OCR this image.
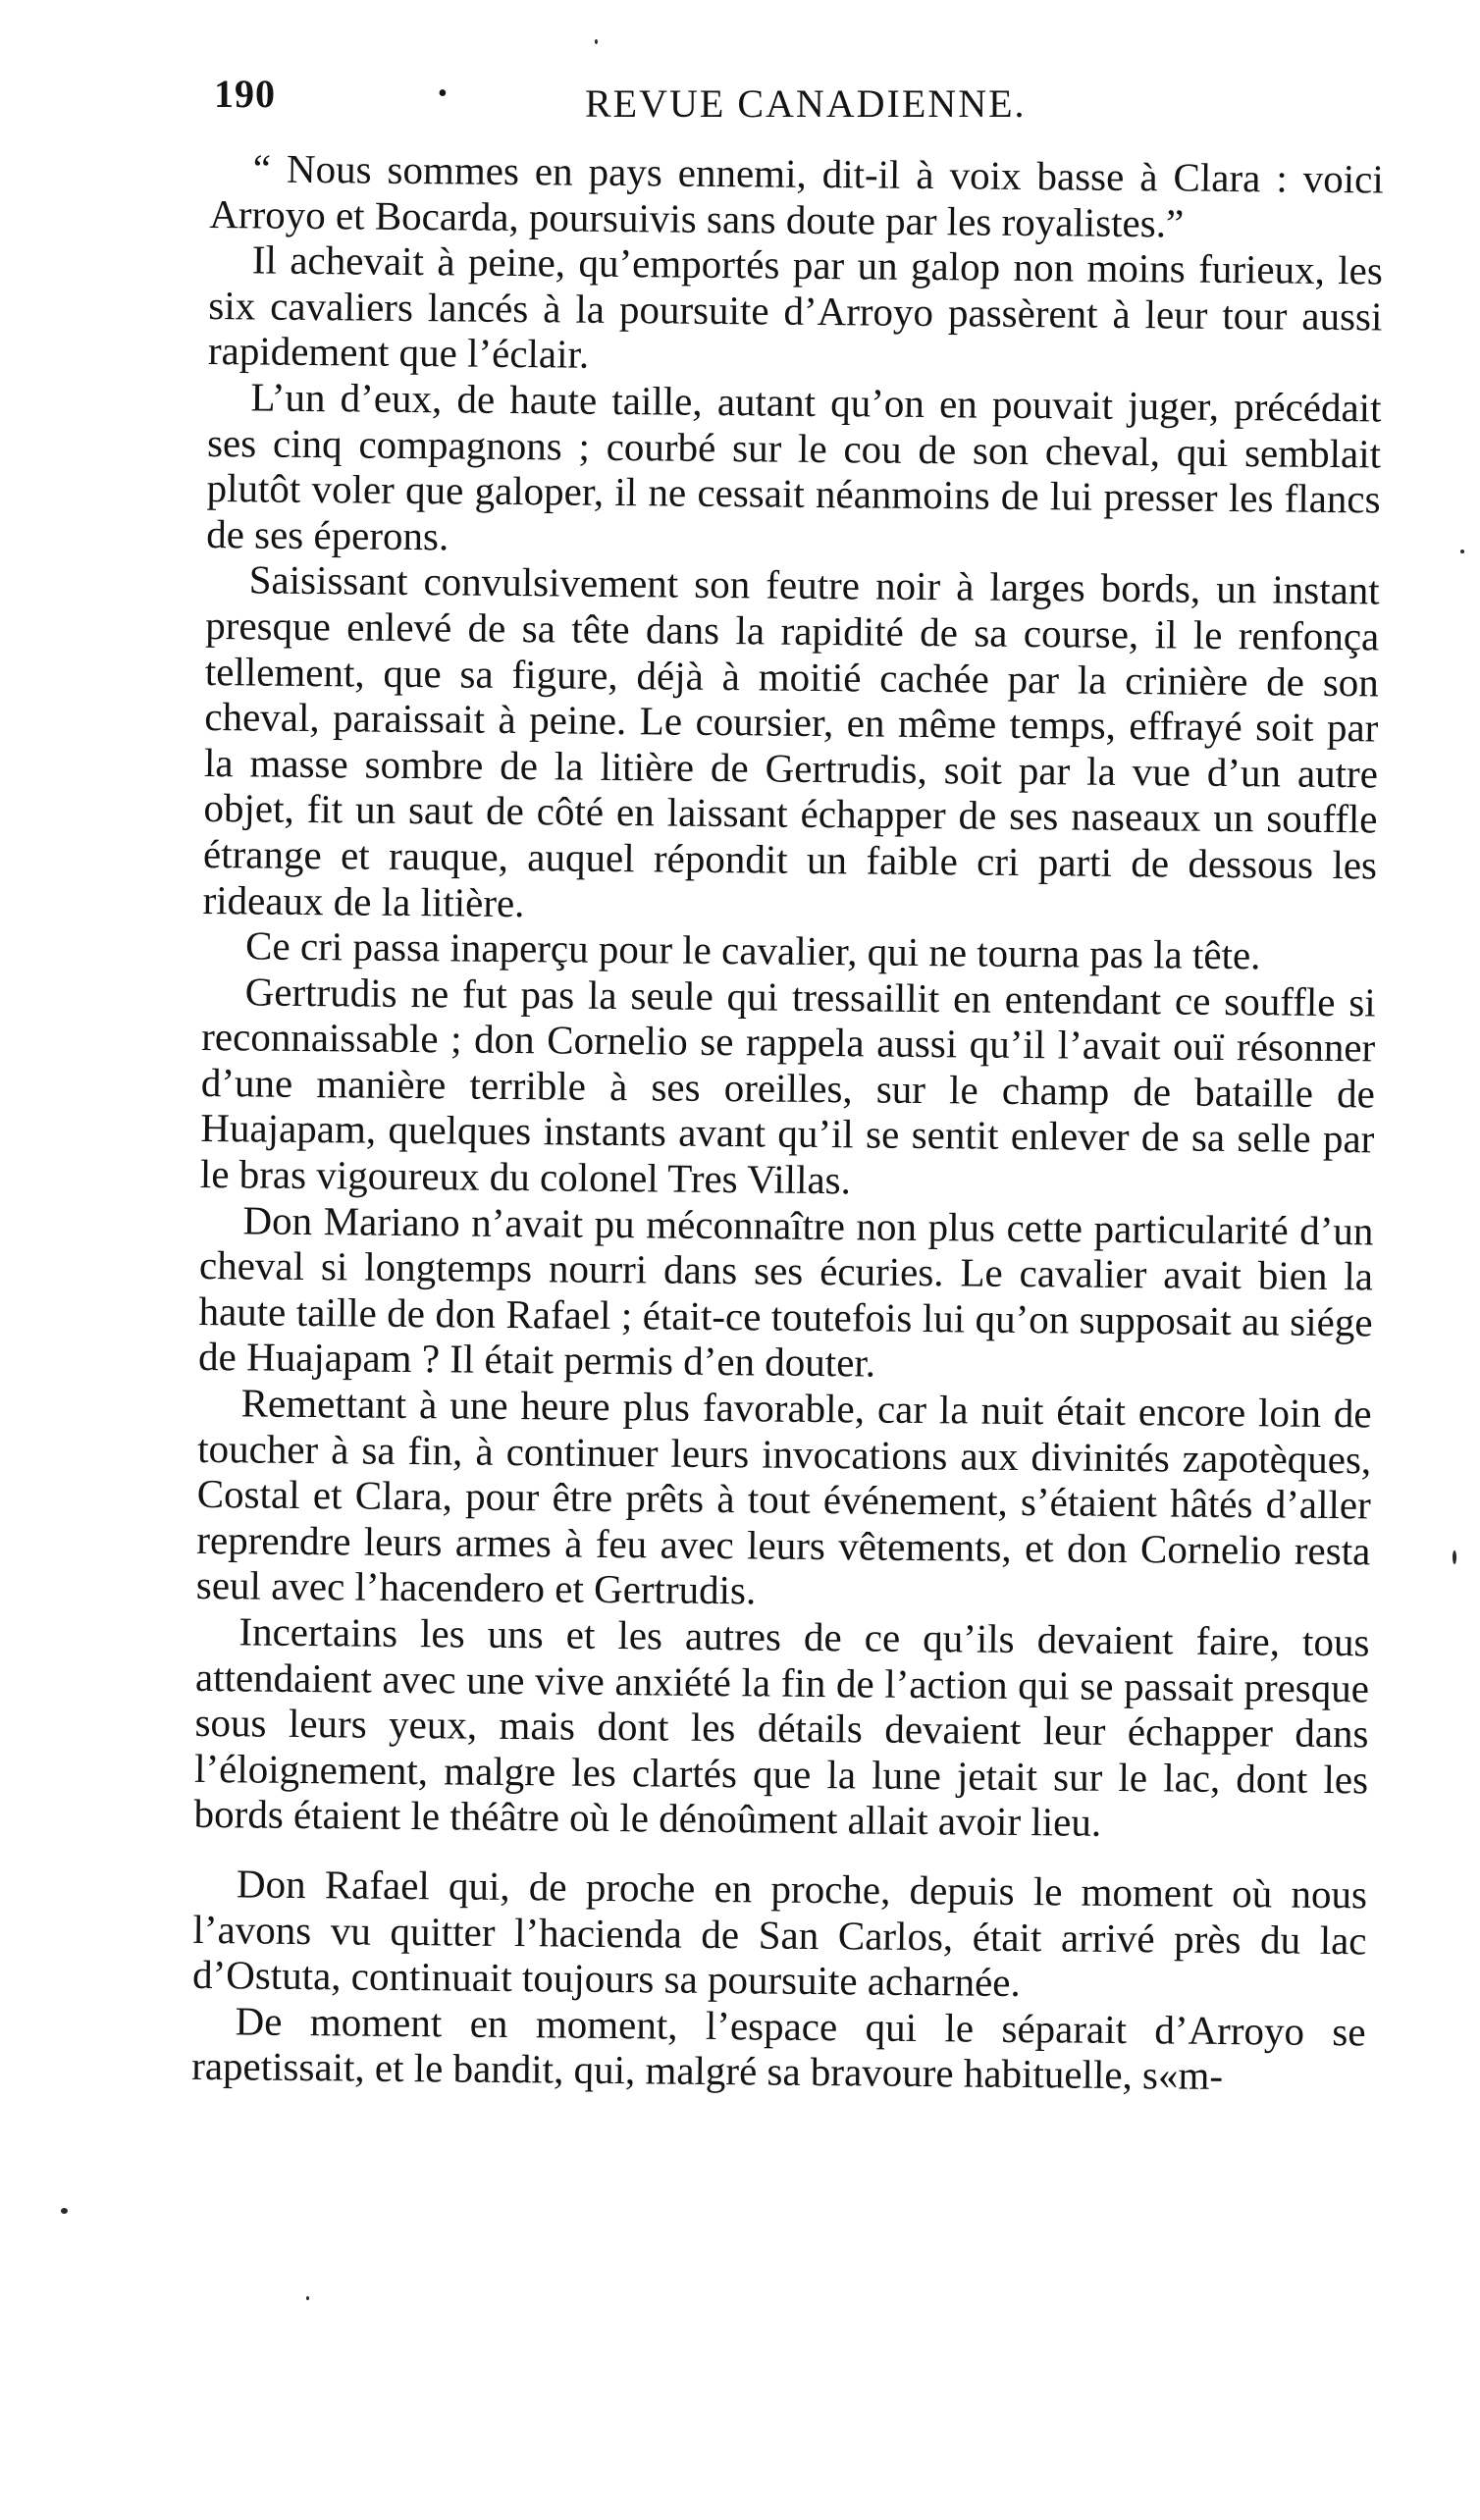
190	•	REVUE CANADIENNE.

“ Nous sommes en pays ennemi, dit-il à voix basse à Clara : voici Arroyo et Bocarda, poursuivis sans doute par les royalistes.”

Il achevait à peine, qu’emportés par un galop non moins furieux, les six cavaliers lancés à la poursuite d’Arroyo passèrent à leur tour aussi rapidement que l’éclair.

L’un d’eux, de haute taille, autant qu’on en pouvait juger, précédait ses cinq compagnons ; courbé sur le cou de son cheval, qui semblait plutôt voler que galoper, il ne cessait néanmoins de lui presser les flancs de ses éperons.

Saisissant convulsivement son feutre noir à larges bords, un instant presque enlevé de sa tête dans la rapidité de sa course, il le renfonça tellement, que sa figure, déjà à moitié cachée par la crinière de son cheval, paraissait à peine. Le coursier, en même temps, effrayé soit par la masse sombre de la litière de Gertrudis, soit par la vue d’un autre objet, fit un saut de côté en laissant échapper de ses naseaux un souffle étrange et rauque, auquel répondit un faible cri parti de dessous les rideaux de la litière.

Ce cri passa inaperçu pour le cavalier, qui ne tourna pas la tête.

Gertrudis ne fut pas la seule qui tressaillit en entendant ce souffle si reconnaissable ; don Cornelio se rappela aussi qu’il l’avait ouï résonner d’une manière terrible à ses oreilles, sur le champ de bataille de Huajapam, quelques instants avant qu’il se sentit enlever de sa selle par le bras vigoureux du colonel Tres Villas.

Don Mariano n’avait pu méconnaître non plus cette particularité d’un cheval si longtemps nourri dans ses écuries. Le cavalier avait bien la haute taille de don Rafael ; était-ce toutefois lui qu’on supposait au siége de Huajapam ? Il était permis d’en douter.

Remettant à une heure plus favorable, car la nuit était encore loin de toucher à sa fin, à continuer leurs invocations aux divinités zapotèques, Costal et Clara, pour être prêts à tout événement, s’étaient hâtés d’aller reprendre leurs armes à feu avec leurs vêtements, et don Cornelio resta seul avec l’hacendero et Gertrudis.

Incertains les uns et les autres de ce qu’ils devaient faire, tous attendaient avec une vive anxiété la fin de l’action qui se passait presque sous leurs yeux, mais dont les détails devaient leur échapper dans l’éloignement, malgre les clartés que la lune jetait sur le lac, dont les bords étaient le théâtre où le dénoûment allait avoir lieu.

Don Rafael qui, de proche en proche, depuis le moment où nous l’avons vu quitter l’hacienda de San Carlos, était arrivé près du lac d’Ostuta, continuait toujours sa poursuite acharnée.

De moment en moment, l’espace qui le séparait d’Arroyo se rapetissait, et le bandit, qui, malgré sa bravoure habituelle, s«m-
